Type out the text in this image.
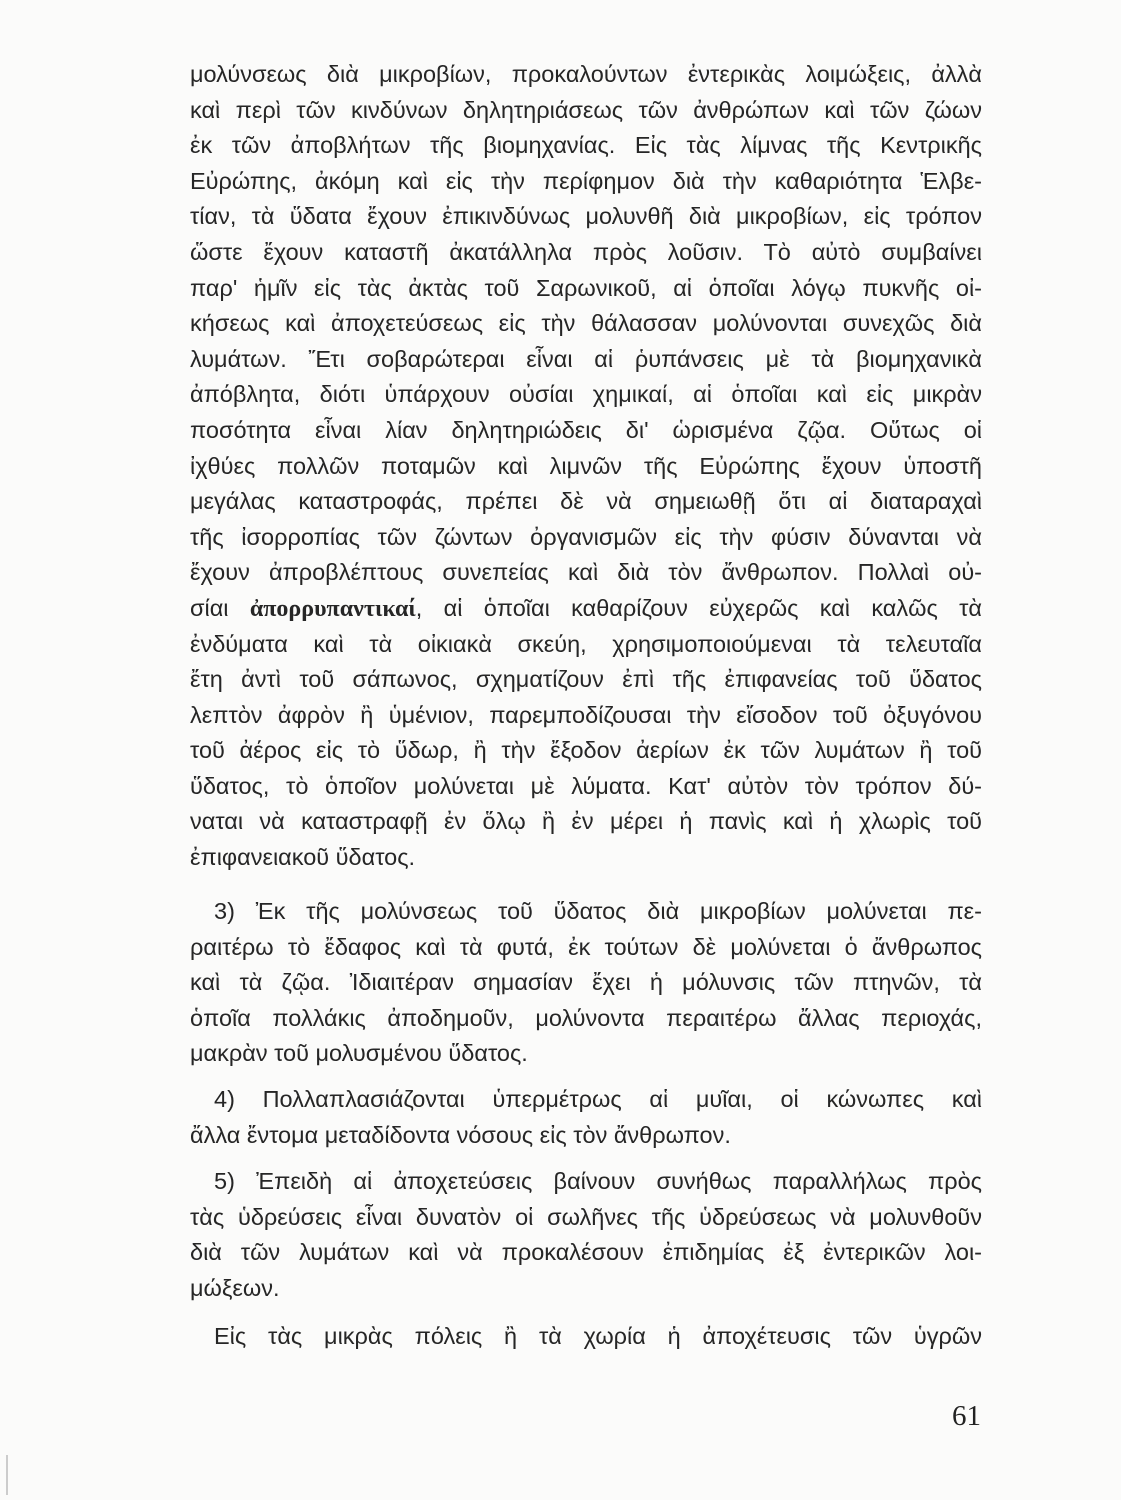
μολύνσεως διὰ μικροβίων, προκαλούντων ἐντερικὰς λοιμώξεις, ἀλλὰ
καὶ περὶ τῶν κινδύνων δηλητηριάσεως τῶν ἀνθρώπων καὶ τῶν ζώων
ἐκ τῶν ἀποβλήτων τῆς βιομηχανίας. Εἰς τὰς λίμνας τῆς Κεντρικῆς
Εὐρώπης, ἀκόμη καὶ εἰς τὴν περίφημον διὰ τὴν καθαριότητα Ἑλβε-
τίαν, τὰ ὕδατα ἔχουν ἐπικινδύνως μολυνθῆ διὰ μικροβίων, εἰς τρόπον
ὥστε ἔχουν καταστῆ ἀκατάλληλα πρὸς λοῦσιν. Τὸ αὐτὸ συμβαίνει
παρ' ἡμῖν εἰς τὰς ἀκτὰς τοῦ Σαρωνικοῦ, αἱ ὁποῖαι λόγῳ πυκνῆς οἰ-
κήσεως καὶ ἀποχετεύσεως εἰς τὴν θάλασσαν μολύνονται συνεχῶς διὰ
λυμάτων. Ἔτι σοβαρώτεραι εἶναι αἱ ῥυπάνσεις μὲ τὰ βιομηχανικὰ
ἀπόβλητα, διότι ὑπάρχουν οὐσίαι χημικαί, αἱ ὁποῖαι καὶ εἰς μικρὰν
ποσότητα εἶναι λίαν δηλητηριώδεις δι' ὡρισμένα ζῷα. Οὕτως οἱ
ἰχθύες πολλῶν ποταμῶν καὶ λιμνῶν τῆς Εὐρώπης ἔχουν ὑποστῆ
μεγάλας καταστροφάς, πρέπει δὲ νὰ σημειωθῇ ὅτι αἱ διαταραχαὶ
τῆς ἰσορροπίας τῶν ζώντων ὀργανισμῶν εἰς τὴν φύσιν δύνανται νὰ
ἔχουν ἀπροβλέπτους συνεπείας καὶ διὰ τὸν ἄνθρωπον. Πολλαὶ οὐ-
σίαι ἀπορρυπαντικαί, αἱ ὁποῖαι καθαρίζουν εὐχερῶς καὶ καλῶς τὰ
ἐνδύματα καὶ τὰ οἰκιακὰ σκεύη, χρησιμοποιούμεναι τὰ τελευταῖα
ἔτη ἀντὶ τοῦ σάπωνος, σχηματίζουν ἐπὶ τῆς ἐπιφανείας τοῦ ὕδατος
λεπτὸν ἀφρὸν ἢ ὑμένιον, παρεμποδίζουσαι τὴν εἴσοδον τοῦ ὀξυγόνου
τοῦ ἀέρος εἰς τὸ ὕδωρ, ἢ τὴν ἔξοδον ἀερίων ἐκ τῶν λυμάτων ἢ τοῦ
ὕδατος, τὸ ὁποῖον μολύνεται μὲ λύματα. Κατ' αὐτὸν τὸν τρόπον δύ-
ναται νὰ καταστραφῇ ἐν ὅλῳ ἢ ἐν μέρει ἡ πανὶς καὶ ἡ χλωρὶς τοῦ
ἐπιφανειακοῦ ὕδατος.
3) Ἐκ τῆς μολύνσεως τοῦ ὕδατος διὰ μικροβίων μολύνεται πε-
ραιτέρω τὸ ἔδαφος καὶ τὰ φυτά, ἐκ τούτων δὲ μολύνεται ὁ ἄνθρωπος
καὶ τὰ ζῷα. Ἰδιαιτέραν σημασίαν ἔχει ἡ μόλυνσις τῶν πτηνῶν, τὰ
ὁποῖα πολλάκις ἀποδημοῦν, μολύνοντα περαιτέρω ἄλλας περιοχάς,
μακρὰν τοῦ μολυσμένου ὕδατος.
4) Πολλαπλασιάζονται ὑπερμέτρως αἱ μυῖαι, οἱ κώνωπες καὶ
ἄλλα ἔντομα μεταδίδοντα νόσους εἰς τὸν ἄνθρωπον.
5) Ἐπειδὴ αἱ ἀποχετεύσεις βαίνουν συνήθως παραλλήλως πρὸς
τὰς ὑδρεύσεις εἶναι δυνατὸν οἱ σωλῆνες τῆς ὑδρεύσεως νὰ μολυνθοῦν
διὰ τῶν λυμάτων καὶ νὰ προκαλέσουν ἐπιδημίας ἐξ ἐντερικῶν λοι-
μώξεων.
Εἰς τὰς μικρὰς πόλεις ἢ τὰ χωρία ἡ ἀποχέτευσις τῶν ὑγρῶν
61
